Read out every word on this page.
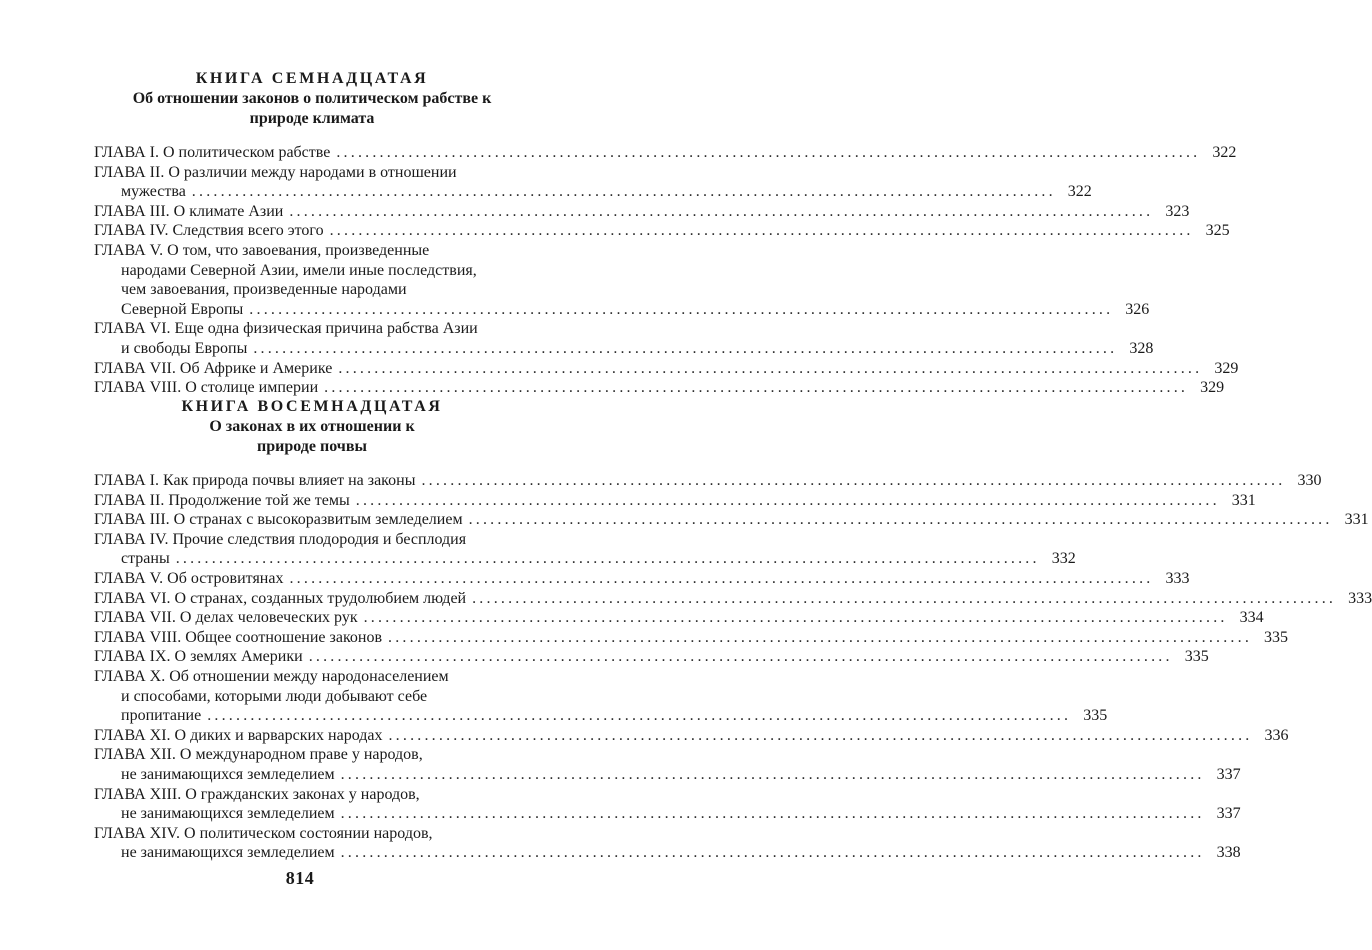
КНИГА СЕМНАДЦАТАЯ
Об отношении законов о политическом рабстве к природе климата
ГЛАВА I. О политическом рабстве ........................................................................................................................ 322
ГЛАВА II. О различии между народами в отношении
мужества ........................................................................................................................ 322
ГЛАВА III. О климате Азии ........................................................................................................................ 323
ГЛАВА IV. Следствия всего этого ........................................................................................................................ 325
ГЛАВА V. О том, что завоевания, произведенные
народами Северной Азии, имели иные последствия,
чем завоевания, произведенные народами
Северной Европы ........................................................................................................................ 326
ГЛАВА VI. Еще одна физическая причина рабства Азии
и свободы Европы ........................................................................................................................ 328
ГЛАВА VII. Об Африке и Америке ........................................................................................................................ 329
ГЛАВА VIII. О столице империи ........................................................................................................................ 329
КНИГА ВОСЕМНАДЦАТАЯ
О законах в их отношении к природе почвы
ГЛАВА I. Как природа почвы влияет на законы ........................................................................................................................ 330
ГЛАВА II. Продолжение той же темы ........................................................................................................................ 331
ГЛАВА III. О странах с высокоразвитым земледелием ........................................................................................................................ 331
ГЛАВА IV. Прочие следствия плодородия и бесплодия
страны ........................................................................................................................ 332
ГЛАВА V. Об островитянах ........................................................................................................................ 333
ГЛАВА VI. О странах, созданных трудолюбием людей ........................................................................................................................ 333
ГЛАВА VII. О делах человеческих рук ........................................................................................................................ 334
ГЛАВА VIII. Общее соотношение законов ........................................................................................................................ 335
ГЛАВА IX. О землях Америки ........................................................................................................................ 335
ГЛАВА X. Об отношении между народонаселением
и способами, которыми люди добывают себе
пропитание ........................................................................................................................ 335
ГЛАВА XI. О диких и варварских народах ........................................................................................................................ 336
ГЛАВА XII. О международном праве у народов,
не занимающихся земледелием ........................................................................................................................ 337
ГЛАВА XIII. О гражданских законах у народов,
не занимающихся земледелием ........................................................................................................................ 337
ГЛАВА XIV. О политическом состоянии народов,
не занимающихся земледелием ........................................................................................................................ 338
814
